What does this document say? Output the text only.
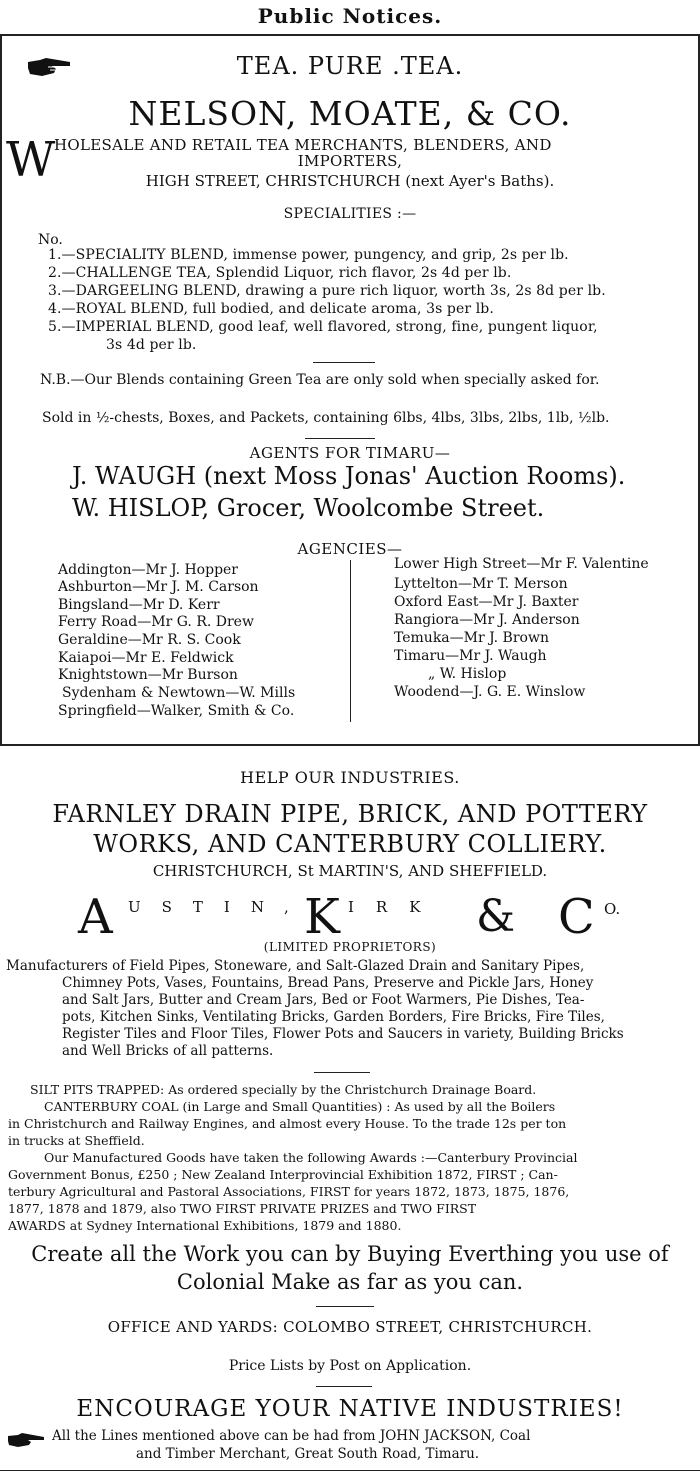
Public Notices.
TEA. PURE .TEA.
NELSON, MOATE, & CO.
W
HOLESALE AND RETAIL TEA MERCHANTS, BLENDERS, AND
IMPORTERS,
HIGH STREET, CHRISTCHURCH (next Ayer's Baths).
SPECIALITIES :—
No.
1.—SPECIALITY BLEND, immense power, pungency, and grip, 2s per lb.
2.—CHALLENGE TEA, Splendid Liquor, rich flavor, 2s 4d per lb.
3.—DARGEELING BLEND, drawing a pure rich liquor, worth 3s, 2s 8d per lb.
4.—ROYAL BLEND, full bodied, and delicate aroma, 3s per lb.
5.—IMPERIAL BLEND, good leaf, well flavored, strong, fine, pungent liquor,
3s 4d per lb.
N.B.—Our Blends containing Green Tea are only sold when specially asked for.
Sold in ½-chests, Boxes, and Packets, containing 6lbs, 4lbs, 3lbs, 2lbs, 1lb, ½lb.
AGENTS FOR TIMARU—
J. WAUGH (next Moss Jonas' Auction Rooms).
W. HISLOP, Grocer, Woolcombe Street.
AGENCIES—
Addington—Mr J. Hopper
Ashburton—Mr J. M. Carson
Bingsland—Mr D. Kerr
Ferry Road—Mr G. R. Drew
Geraldine—Mr R. S. Cook
Kaiapoi—Mr E. Feldwick
Knightstown—Mr Burson
Sydenham & Newtown—W. Mills
Springfield—Walker, Smith & Co.
Lower High Street—Mr F. Valentine
Lyttelton—Mr T. Merson
Oxford East—Mr J. Baxter
Rangiora—Mr J. Anderson
Temuka—Mr J. Brown
Timaru—Mr J. Waugh
„ W. Hislop
Woodend—J. G. E. Winslow
HELP OUR INDUSTRIES.
FARNLEY DRAIN PIPE, BRICK, AND POTTERY
WORKS, AND CANTERBURY COLLIERY.
CHRISTCHURCH, St MARTIN'S, AND SHEFFIELD.
A USTIN,
K IRK & C O.
(LIMITED PROPRIETORS)
Manufacturers of Field Pipes, Stoneware, and Salt-Glazed Drain and Sanitary Pipes,
Chimney Pots, Vases, Fountains, Bread Pans, Preserve and Pickle Jars, Honey
and Salt Jars, Butter and Cream Jars, Bed or Foot Warmers, Pie Dishes, Tea-
pots, Kitchen Sinks, Ventilating Bricks, Garden Borders, Fire Bricks, Fire Tiles,
Register Tiles and Floor Tiles, Flower Pots and Saucers in variety, Building Bricks
and Well Bricks of all patterns.
SILT PITS TRAPPED: As ordered specially by the Christchurch Drainage Board.
CANTERBURY COAL (in Large and Small Quantities) : As used by all the Boilers
in Christchurch and Railway Engines, and almost every House. To the trade 12s per ton
in trucks at Sheffield.
Our Manufactured Goods have taken the following Awards :—Canterbury Provincial
Government Bonus, £250 ; New Zealand Interprovincial Exhibition 1872, FIRST ; Can-
terbury Agricultural and Pastoral Associations, FIRST for years 1872, 1873, 1875, 1876,
1877, 1878 and 1879, also TWO FIRST PRIVATE PRIZES and TWO FIRST
AWARDS at Sydney International Exhibitions, 1879 and 1880.
Create all the Work you can by Buying Everthing you use of
Colonial Make as far as you can.
OFFICE AND YARDS: COLOMBO STREET, CHRISTCHURCH.
Price Lists by Post on Application.
ENCOURAGE YOUR NATIVE INDUSTRIES!
All the Lines mentioned above can be had from JOHN JACKSON, Coal
and Timber Merchant, Great South Road, Timaru.
